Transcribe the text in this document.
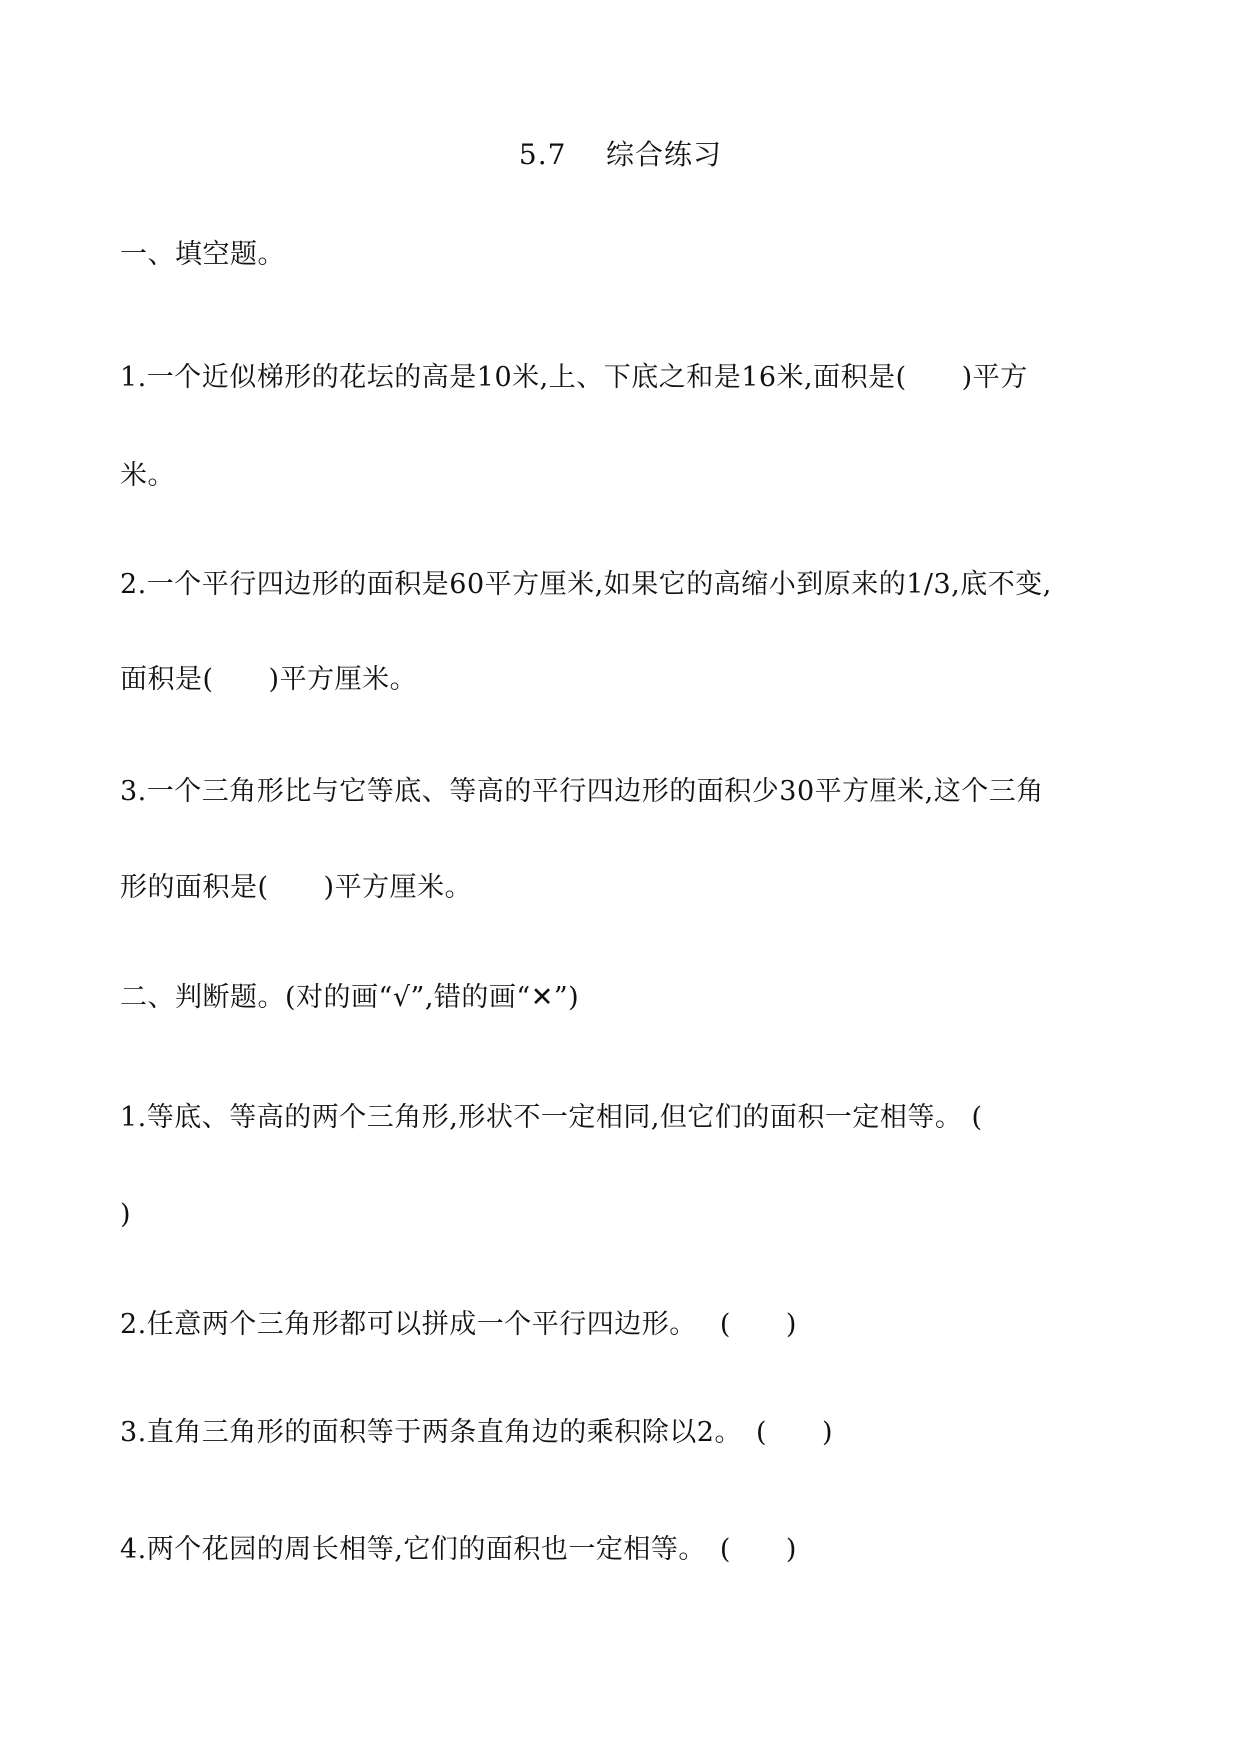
5.7    综合练习
一、填空题。
1.一个近似梯形的花坛的高是10米,上、下底之和是16米,面积是(　　)平方
米。
2.一个平行四边形的面积是60平方厘米,如果它的高缩小到原来的1/3,底不变,
面积是(　　)平方厘米。
3.一个三角形比与它等底、等高的平行四边形的面积少30平方厘米,这个三角
形的面积是(　　)平方厘米。
二、判断题。(对的画“√”,错的画“✕”)
1.等底、等高的两个三角形,形状不一定相同,但它们的面积一定相等。 (
)
2.任意两个三角形都可以拼成一个平行四边形。　 (　　)
3.直角三角形的面积等于两条直角边的乘积除以2。　(　　)
4.两个花园的周长相等,它们的面积也一定相等。　(　　)
